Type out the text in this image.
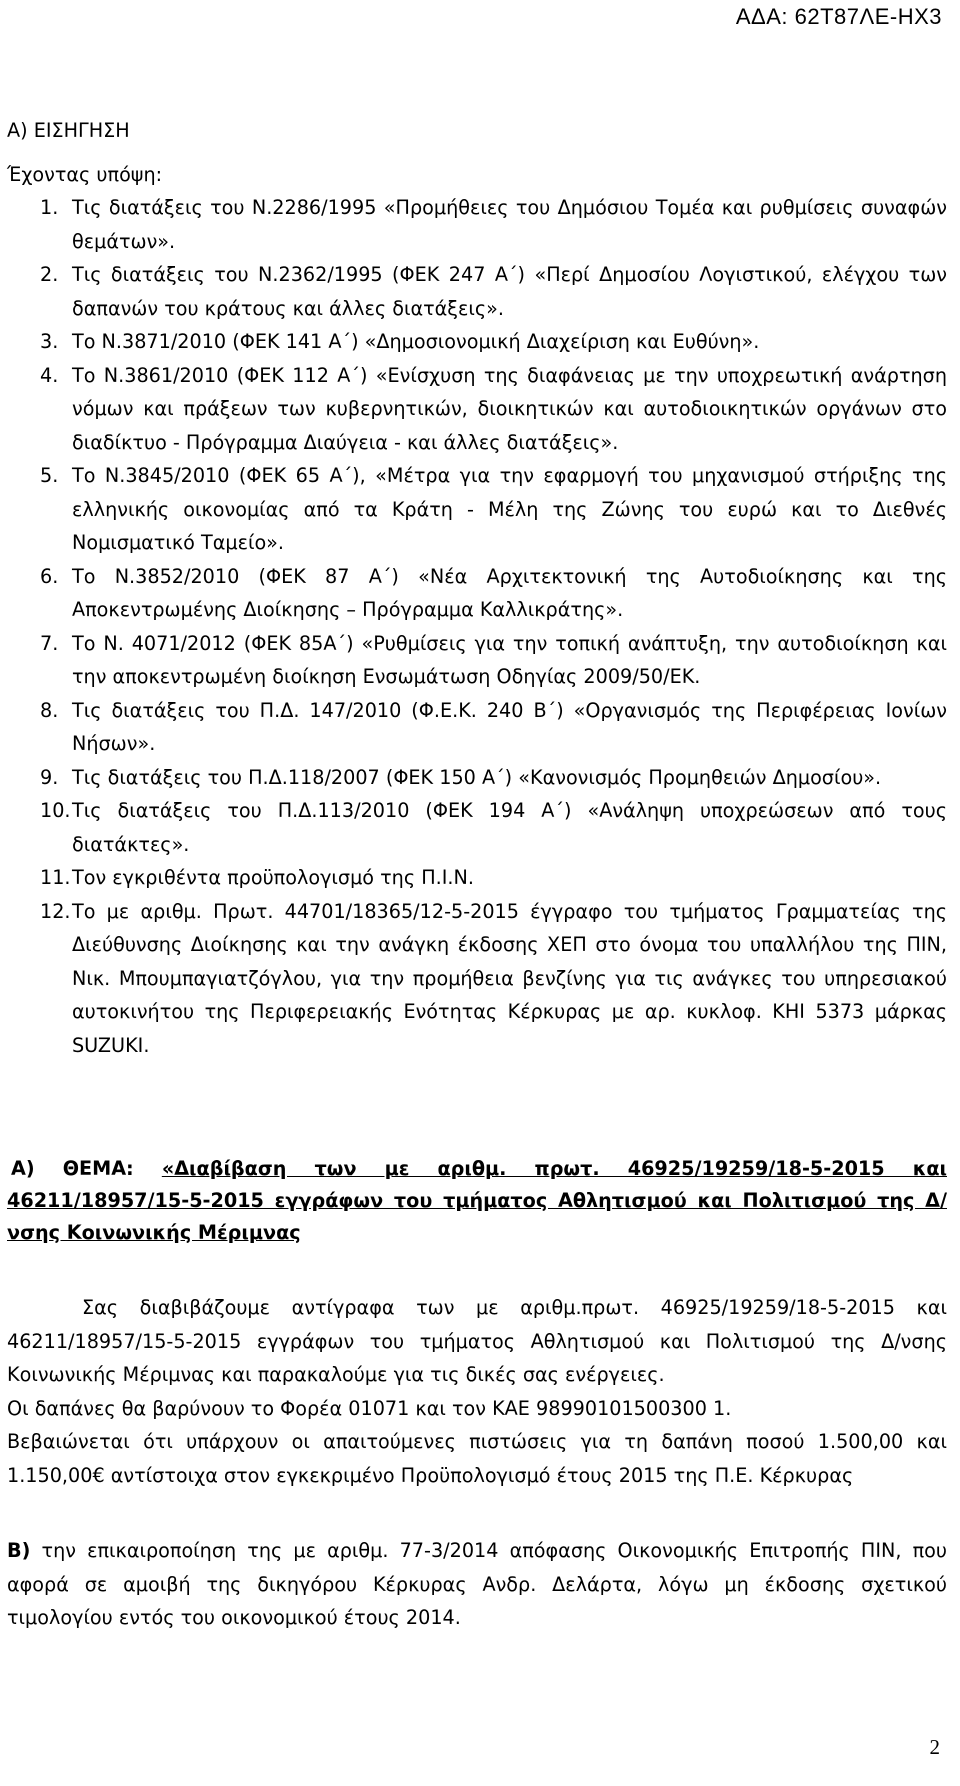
ΑΔΑ: 62Τ87ΛΕ-ΗΧ3

Α) ΕΙΣΗΓΗΣΗ

Έχοντας υπόψη:

1. Τις διατάξεις του Ν.2286/1995 «Προμήθειες του Δημόσιου Τομέα και ρυθμίσεις συναφών θεμάτων».
2. Τις διατάξεις του Ν.2362/1995 (ΦΕΚ 247 Α΄) «Περί Δημοσίου Λογιστικού, ελέγχου των δαπανών του κράτους και άλλες διατάξεις».
3. Το Ν.3871/2010 (ΦΕΚ 141 Α΄) «Δημοσιονομική Διαχείριση και Ευθύνη».
4. Το Ν.3861/2010 (ΦΕΚ 112 Α΄) «Ενίσχυση της διαφάνειας με την υποχρεωτική ανάρτηση νόμων και πράξεων των κυβερνητικών, διοικητικών και αυτοδιοικητικών οργάνων στο διαδίκτυο - Πρόγραμμα Διαύγεια - και άλλες διατάξεις».
5. Το Ν.3845/2010 (ΦΕΚ 65 Α΄), «Μέτρα για την εφαρμογή του μηχανισμού στήριξης της ελληνικής οικονομίας από τα Κράτη - Μέλη της Ζώνης του ευρώ και το Διεθνές Νομισματικό Ταμείο».
6. Το Ν.3852/2010 (ΦΕΚ 87 Α΄) «Νέα Αρχιτεκτονική της Αυτοδιοίκησης και της Αποκεντρωμένης Διοίκησης – Πρόγραμμα Καλλικράτης».
7. Το Ν. 4071/2012 (ΦΕΚ 85Α΄) «Ρυθμίσεις για την τοπική ανάπτυξη, την αυτοδιοίκηση και την αποκεντρωμένη διοίκηση Ενσωμάτωση Οδηγίας 2009/50/ΕΚ.
8. Τις διατάξεις του Π.Δ. 147/2010 (Φ.Ε.Κ. 240 Β΄) «Οργανισμός της Περιφέρειας Ιονίων Νήσων».
9. Τις διατάξεις του Π.Δ.118/2007 (ΦΕΚ 150 Α΄) «Κανονισμός Προμηθειών Δημοσίου».
10. Τις διατάξεις του Π.Δ.113/2010 (ΦΕΚ 194 Α΄) «Ανάληψη υποχρεώσεων από τους διατάκτες».
11. Τον εγκριθέντα προϋπολογισμό της Π.Ι.Ν.
12. Το με αριθμ. Πρωτ. 44701/18365/12-5-2015 έγγραφο του τμήματος Γραμματείας της Διεύθυνσης Διοίκησης και την ανάγκη έκδοσης ΧΕΠ στο όνομα του υπαλλήλου της ΠΙΝ, Νικ. Μπουμπαγιατζόγλου, για την προμήθεια βενζίνης για τις ανάγκες του υπηρεσιακού αυτοκινήτου της Περιφερειακής Ενότητας Κέρκυρας με αρ. κυκλοφ. ΚΗΙ 5373 μάρκας SUZUKI.

Α) ΘΕΜΑ: «Διαβίβαση των με αριθμ. πρωτ. 46925/19259/18-5-2015 και 46211/18957/15-5-2015 εγγράφων του τμήματος Αθλητισμού και Πολιτισμού της Δ/νσης Κοινωνικής Μέριμνας

Σας διαβιβάζουμε αντίγραφα των με αριθμ.πρωτ. 46925/19259/18-5-2015 και 46211/18957/15-5-2015 εγγράφων του τμήματος Αθλητισμού και Πολιτισμού της Δ/νσης Κοινωνικής Μέριμνας και παρακαλούμε για τις δικές σας ενέργειες.

Οι δαπάνες θα βαρύνουν το Φορέα 01071 και τον ΚΑΕ 98990101500300 1.

Βεβαιώνεται ότι υπάρχουν οι απαιτούμενες πιστώσεις για τη δαπάνη ποσού 1.500,00 και 1.150,00€ αντίστοιχα στον εγκεκριμένο Προϋπολογισμό έτους 2015 της Π.Ε. Κέρκυρας

Β) την επικαιροποίηση της με αριθμ. 77-3/2014 απόφασης Οικονομικής Επιτροπής ΠΙΝ, που αφορά σε αμοιβή της δικηγόρου Κέρκυρας Ανδρ. Δελάρτα, λόγω μη έκδοσης σχετικού τιμολογίου εντός του οικονομικού έτους 2014.

2
